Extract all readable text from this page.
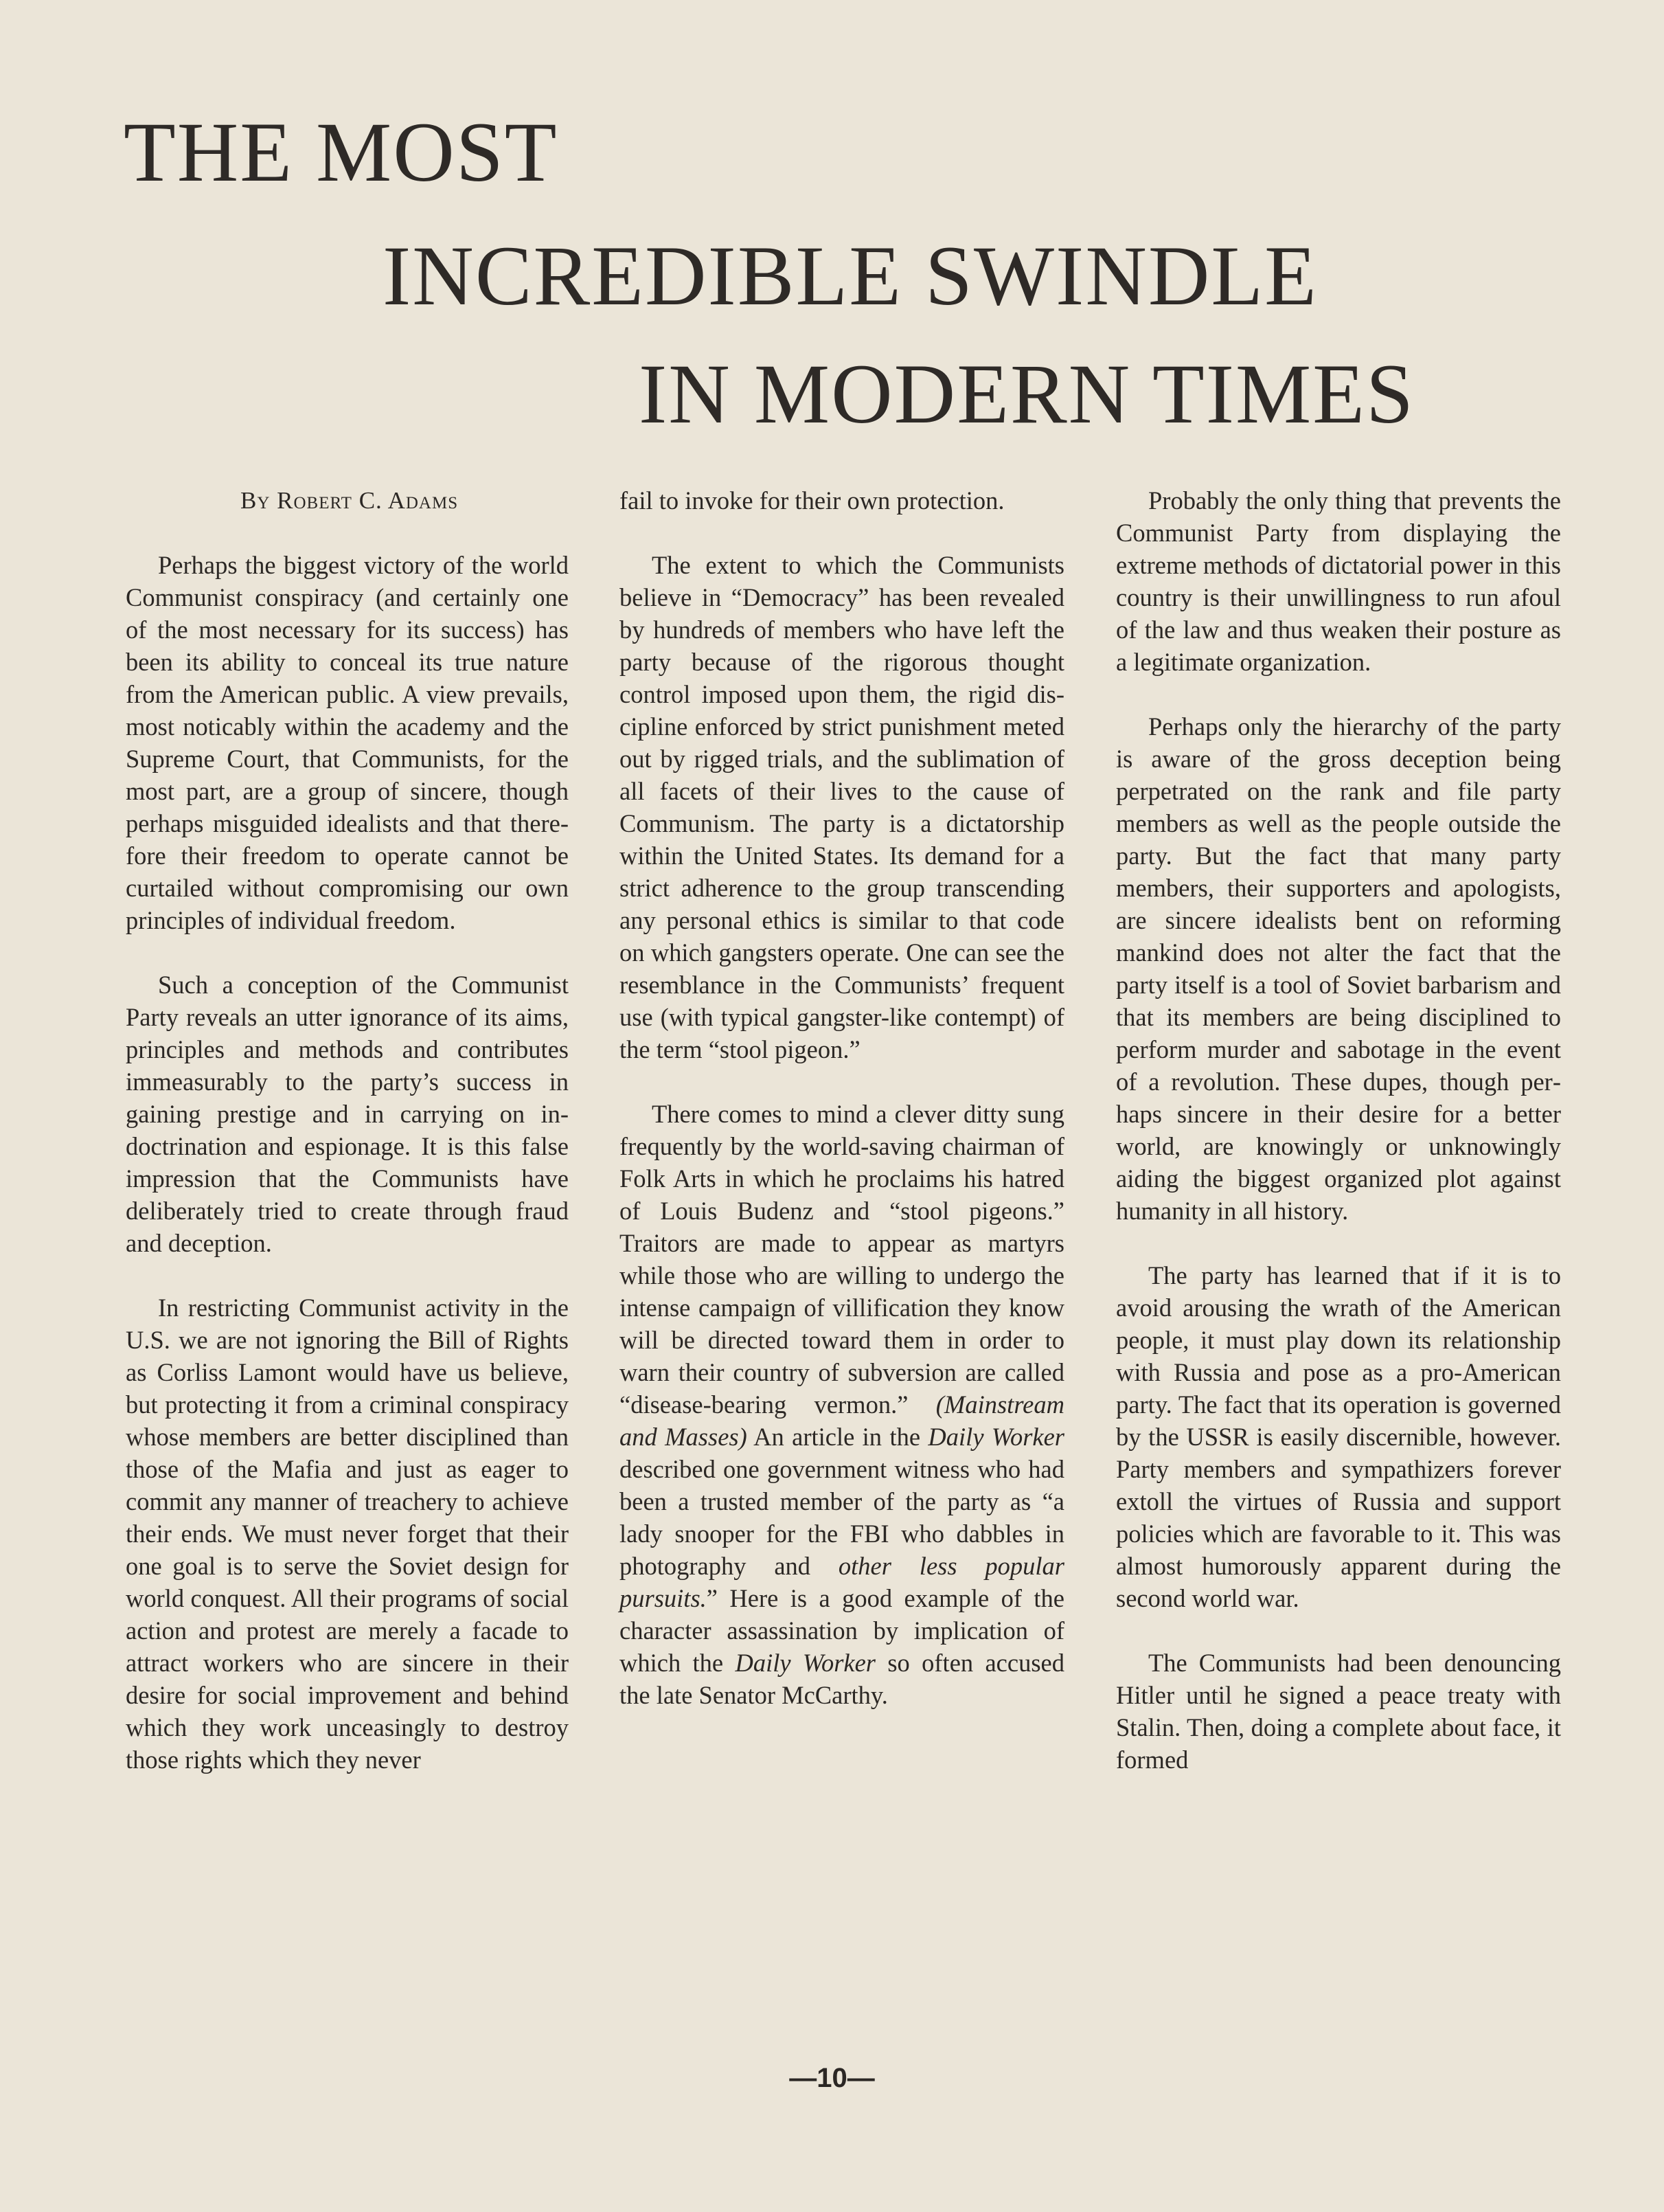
THE MOST
INCREDIBLE SWINDLE
IN MODERN TIMES

By Robert C. Adams

Perhaps the biggest victory of the world Communist conspiracy (and certainly one of the most necessary for its success) has been its ability to conceal its true nature from the American public. A view prevails, most noticably within the academy and the Supreme Court, that Communists, for the most part, are a group of sincere, though perhaps misguided idealists and that therefore their freedom to operate cannot be curtailed without compromising our own principles of individual freedom.

Such a conception of the Communist Party reveals an utter ignorance of its aims, principles and methods and contributes immeasurably to the party’s success in gaining prestige and in carrying on indoctrination and espionage. It is this false impression that the Communists have deliberately tried to create through fraud and deception.

In restricting Communist activity in the U.S. we are not ignoring the Bill of Rights as Corliss Lamont would have us believe, but protecting it from a criminal conspiracy whose members are better disciplined than those of the Mafia and just as eager to commit any manner of treachery to achieve their ends. We must never forget that their one goal is to serve the Soviet design for world conquest. All their programs of social action and protest are merely a facade to attract workers who are sincere in their desire for social improvement and behind which they work unceasingly to destroy those rights which they never

fail to invoke for their own protection.

The extent to which the Communists believe in “Democracy” has been revealed by hundreds of members who have left the party because of the rigorous thought control imposed upon them, the rigid discipline enforced by strict punishment meted out by rigged trials, and the sublimation of all facets of their lives to the cause of Communism. The party is a dictatorship within the United States. Its demand for a strict adherence to the group transcending any personal ethics is similar to that code on which gangsters operate. One can see the resemblance in the Communists’ frequent use (with typical gangster-like contempt) of the term “stool pigeon.”

There comes to mind a clever ditty sung frequently by the world-saving chairman of Folk Arts in which he proclaims his hatred of Louis Budenz and “stool pigeons.” Traitors are made to appear as martyrs while those who are willing to undergo the intense campaign of villification they know will be directed toward them in order to warn their country of subversion are called “disease-bearing vermon.” (Mainstream and Masses) An article in the Daily Worker described one government witness who had been a trusted member of the party as “a lady snooper for the FBI who dabbles in photography and other less popular pursuits.” Here is a good example of the character assassination by implication of which the Daily Worker so often accused the late Senator McCarthy.

Probably the only thing that prevents the Communist Party from displaying the extreme methods of dictatorial power in this country is their unwillingness to run afoul of the law and thus weaken their posture as a legitimate organization.

Perhaps only the hierarchy of the party is aware of the gross deception being perpetrated on the rank and file party members as well as the people outside the party. But the fact that many party members, their supporters and apologists, are sincere idealists bent on reforming mankind does not alter the fact that the party itself is a tool of Soviet barbarism and that its members are being disciplined to perform murder and sabotage in the event of a revolution. These dupes, though perhaps sincere in their desire for a better world, are knowingly or unknowingly aiding the biggest organized plot against humanity in all history.

The party has learned that if it is to avoid arousing the wrath of the American people, it must play down its relationship with Russia and pose as a pro-American party. The fact that its operation is governed by the USSR is easily discernible, however. Party members and sympathizers forever extoll the virtues of Russia and support policies which are favorable to it. This was almost humorously apparent during the second world war.

The Communists had been denouncing Hitler until he signed a peace treaty with Stalin. Then, doing a complete about face, it formed

—10—
